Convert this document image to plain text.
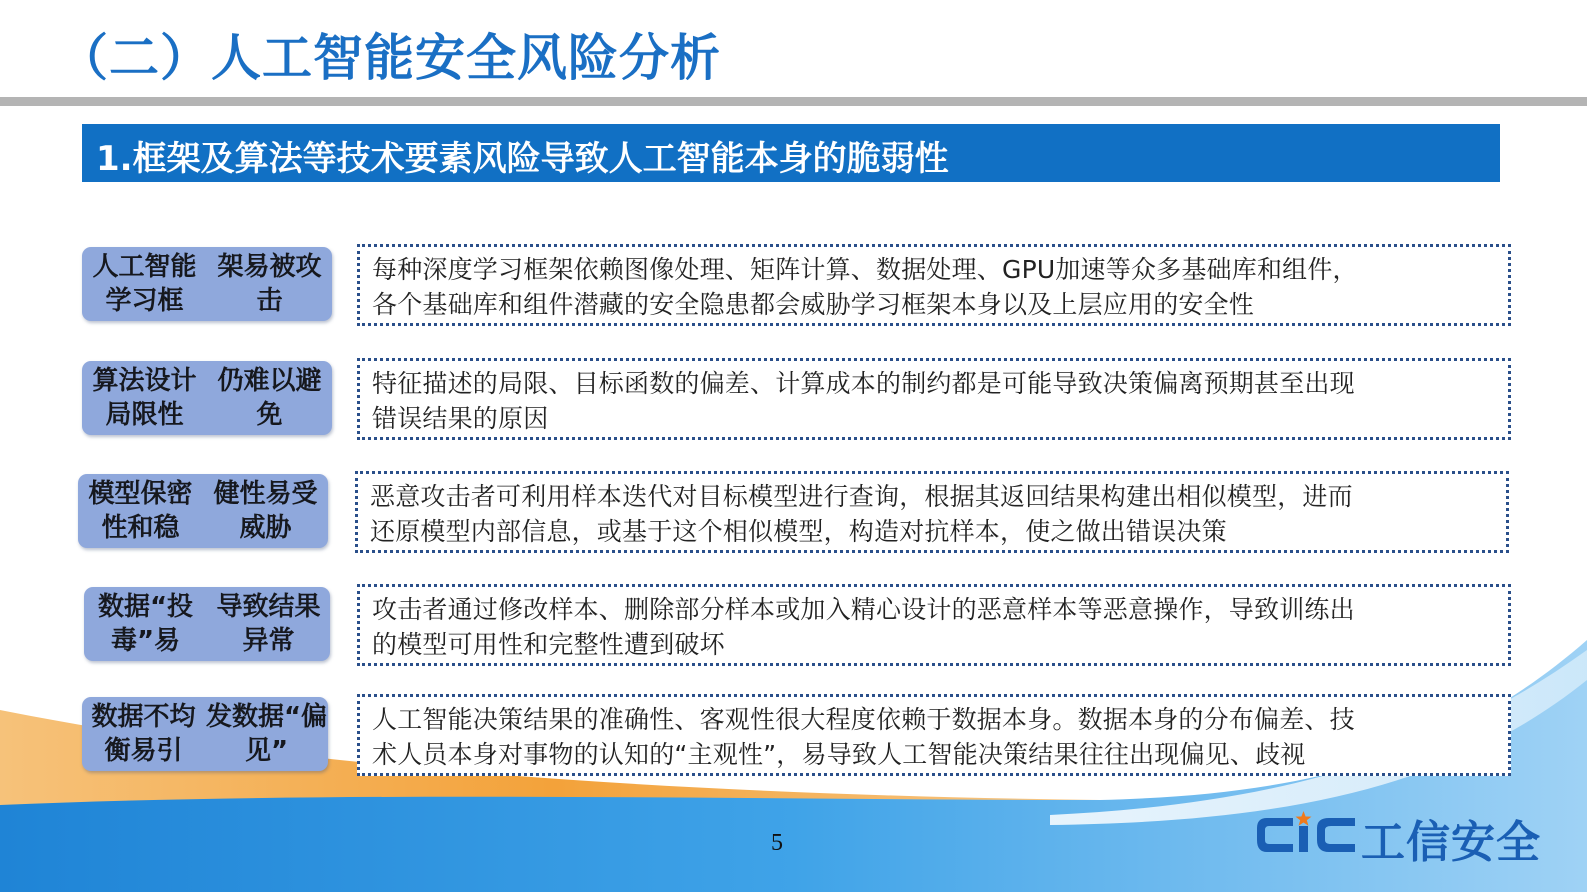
（二）人工智能安全风险分析
1.框架及算法等技术要素风险导致人工智能本身的脆弱性
人工智能学习框
架易被攻击
每种深度学习框架依赖图像处理、矩阵计算、数据处理、GPU加速等众多基础库和组件，
各个基础库和组件潜藏的安全隐患都会威胁学习框架本身以及上层应用的安全性
算法设计局限性
仍难以避免
特征描述的局限、目标函数的偏差、计算成本的制约都是可能导致决策偏离预期甚至出现
错误结果的原因
模型保密性和稳
健性易受威胁
恶意攻击者可利用样本迭代对目标模型进行查询，根据其返回结果构建出相似模型，进而
还原模型内部信息，或基于这个相似模型，构造对抗样本，使之做出错误决策
数据“投毒”易
导致结果异常
攻击者通过修改样本、删除部分样本或加入精心设计的恶意样本等恶意操作，导致训练出
的模型可用性和完整性遭到破坏
数据不均衡易引
发数据“偏见”
人工智能决策结果的准确性、客观性很大程度依赖于数据本身。数据本身的分布偏差、技
术人员本身对事物的认知的“主观性”，易导致人工智能决策结果往往出现偏见、歧视
5	工信安全
